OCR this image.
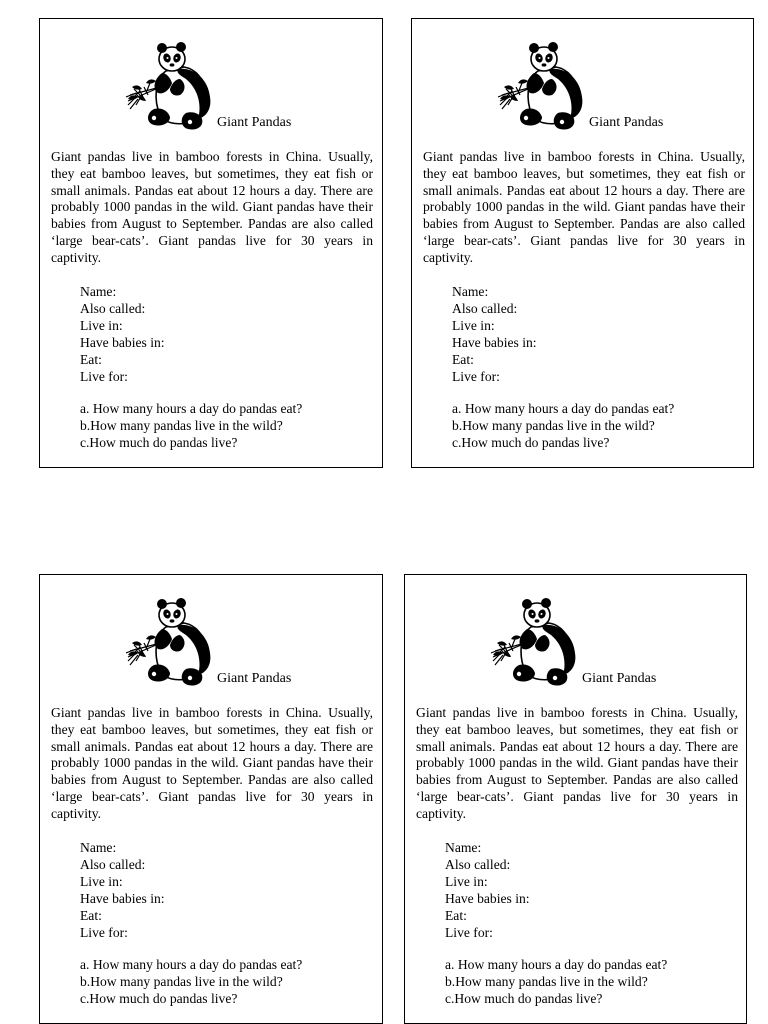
Giant Pandas

Giant pandas live in bamboo forests in China. Usually, they eat bamboo leaves, but sometimes, they eat fish or small animals. Pandas eat about 12 hours a day. There are probably 1000 pandas in the wild. Giant pandas have their babies from August to September. Pandas are also called ‘large bear-cats’. Giant pandas live for 30 years in captivity.

Name:
Also called:
Live in:
Have babies in:
Eat:
Live for:
a. How many hours a day do pandas eat?
b.How many pandas live in the wild?
c.How much do pandas live?
Giant Pandas

Giant pandas live in bamboo forests in China. Usually, they eat bamboo leaves, but sometimes, they eat fish or small animals. Pandas eat about 12 hours a day. There are probably 1000 pandas in the wild. Giant pandas have their babies from August to September. Pandas are also called ‘large bear-cats’. Giant pandas live for 30 years in captivity.

Name:
Also called:
Live in:
Have babies in:
Eat:
Live for:
a. How many hours a day do pandas eat?
b.How many pandas live in the wild?
c.How much do pandas live?
Giant Pandas

Giant pandas live in bamboo forests in China. Usually, they eat bamboo leaves, but sometimes, they eat fish or small animals. Pandas eat about 12 hours a day. There are probably 1000 pandas in the wild. Giant pandas have their babies from August to September. Pandas are also called ‘large bear-cats’. Giant pandas live for 30 years in captivity.

Name:
Also called:
Live in:
Have babies in:
Eat:
Live for:
a. How many hours a day do pandas eat?
b.How many pandas live in the wild?
c.How much do pandas live?
Giant Pandas

Giant pandas live in bamboo forests in China. Usually, they eat bamboo leaves, but sometimes, they eat fish or small animals. Pandas eat about 12 hours a day. There are probably 1000 pandas in the wild. Giant pandas have their babies from August to September. Pandas are also called ‘large bear-cats’. Giant pandas live for 30 years in captivity.

Name:
Also called:
Live in:
Have babies in:
Eat:
Live for:
a. How many hours a day do pandas eat?
b.How many pandas live in the wild?
c.How much do pandas live?
